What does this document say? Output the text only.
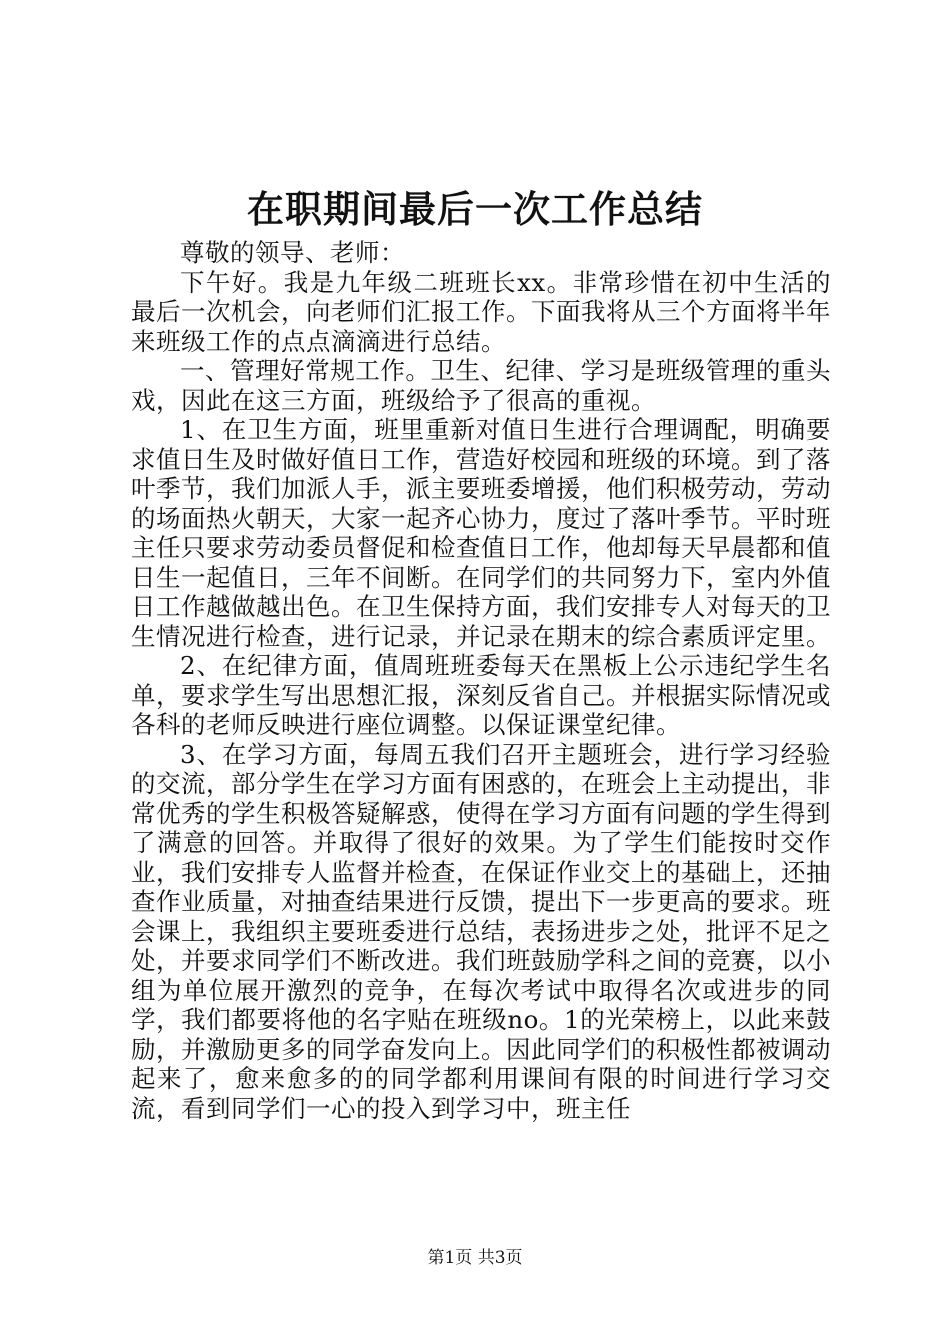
在职期间最后一次工作总结

尊敬的领导、老师：

下午好。我是九年级二班班长xx。非常珍惜在初中生活的最后一次机会，向老师们汇报工作。下面我将从三个方面将半年来班级工作的点点滴滴进行总结。

一、管理好常规工作。卫生、纪律、学习是班级管理的重头戏，因此在这三方面，班级给予了很高的重视。

1、在卫生方面，班里重新对值日生进行合理调配，明确要求值日生及时做好值日工作，营造好校园和班级的环境。到了落叶季节，我们加派人手，派主要班委增援，他们积极劳动，劳动的场面热火朝天，大家一起齐心协力，度过了落叶季节。平时班主任只要求劳动委员督促和检查值日工作，他却每天早晨都和值日生一起值日，三年不间断。在同学们的共同努力下，室内外值日工作越做越出色。在卫生保持方面，我们安排专人对每天的卫生情况进行检查，进行记录，并记录在期末的综合素质评定里。

2、在纪律方面，值周班班委每天在黑板上公示违纪学生名单，要求学生写出思想汇报，深刻反省自己。并根据实际情况或各科的老师反映进行座位调整。以保证课堂纪律。

3、在学习方面，每周五我们召开主题班会，进行学习经验的交流，部分学生在学习方面有困惑的，在班会上主动提出，非常优秀的学生积极答疑解惑，使得在学习方面有问题的学生得到了满意的回答。并取得了很好的效果。为了学生们能按时交作业，我们安排专人监督并检查，在保证作业交上的基础上，还抽查作业质量，对抽查结果进行反馈，提出下一步更高的要求。班会课上，我组织主要班委进行总结，表扬进步之处，批评不足之处，并要求同学们不断改进。我们班鼓励学科之间的竞赛，以小组为单位展开激烈的竞争，在每次考试中取得名次或进步的同学，我们都要将他的名字贴在班级no。1的光荣榜上，以此来鼓励，并激励更多的同学奋发向上。因此同学们的积极性都被调动起来了，愈来愈多的的同学都利用课间有限的时间进行学习交流，看到同学们一心的投入到学习中，班主任

第1页 共3页
